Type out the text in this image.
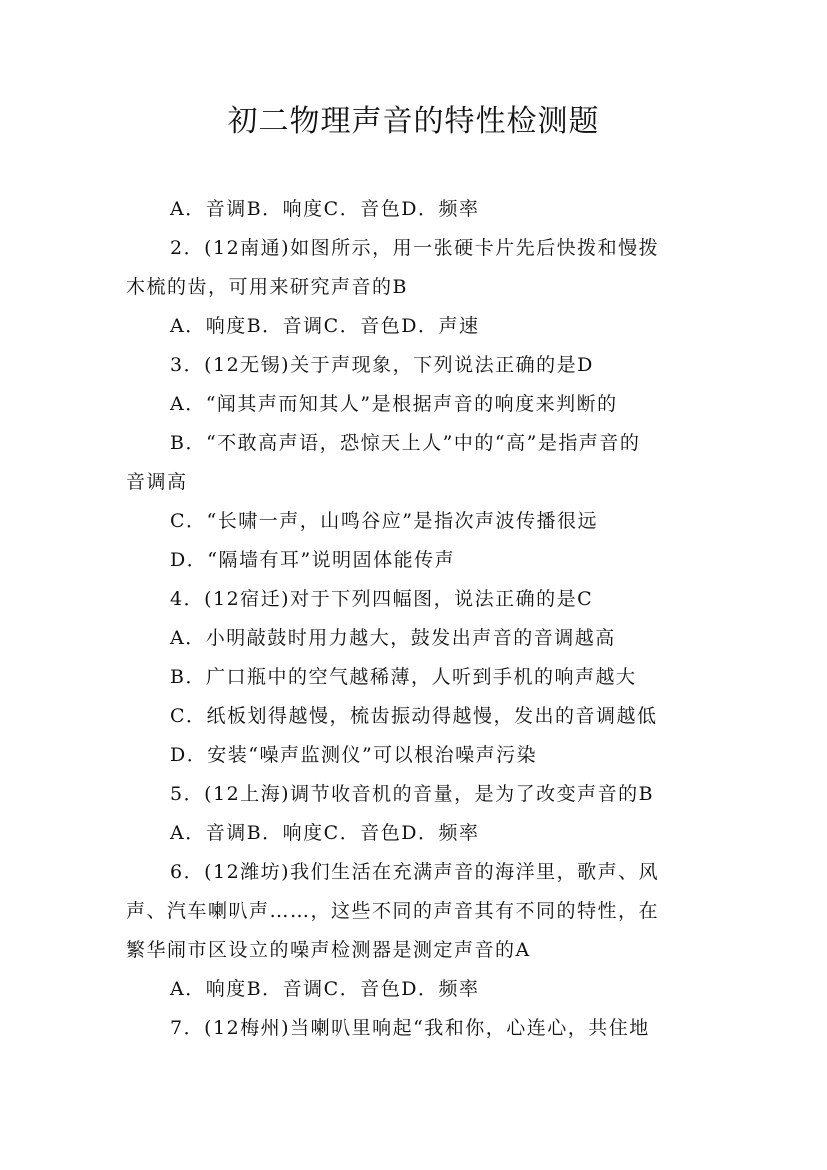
初二物理声音的特性检测题
A．音调B．响度C．音色D．频率
2．(12南通)如图所示，用一张硬卡片先后快拨和慢拨
木梳的齿，可用来研究声音的B
A．响度B．音调C．音色D．声速
3．(12无锡)关于声现象，下列说法正确的是D
A．“闻其声而知其人”是根据声音的响度来判断的
B．“不敢高声语，恐惊天上人”中的“高”是指声音的
音调高
C．“长啸一声，山鸣谷应”是指次声波传播很远
D．“隔墙有耳”说明固体能传声
4．(12宿迁)对于下列四幅图，说法正确的是C
A．小明敲鼓时用力越大，鼓发出声音的音调越高
B．广口瓶中的空气越稀薄，人听到手机的响声越大
C．纸板划得越慢，梳齿振动得越慢，发出的音调越低
D．安装“噪声监测仪”可以根治噪声污染
5．(12上海)调节收音机的音量，是为了改变声音的B
A．音调B．响度C．音色D．频率
6．(12潍坊)我们生活在充满声音的海洋里，歌声、风
声、汽车喇叭声……，这些不同的声音其有不同的特性，在
繁华闹市区设立的噪声检测器是测定声音的A
A．响度B．音调C．音色D．频率
7．(12梅州)当喇叭里响起“我和你，心连心，共住地
